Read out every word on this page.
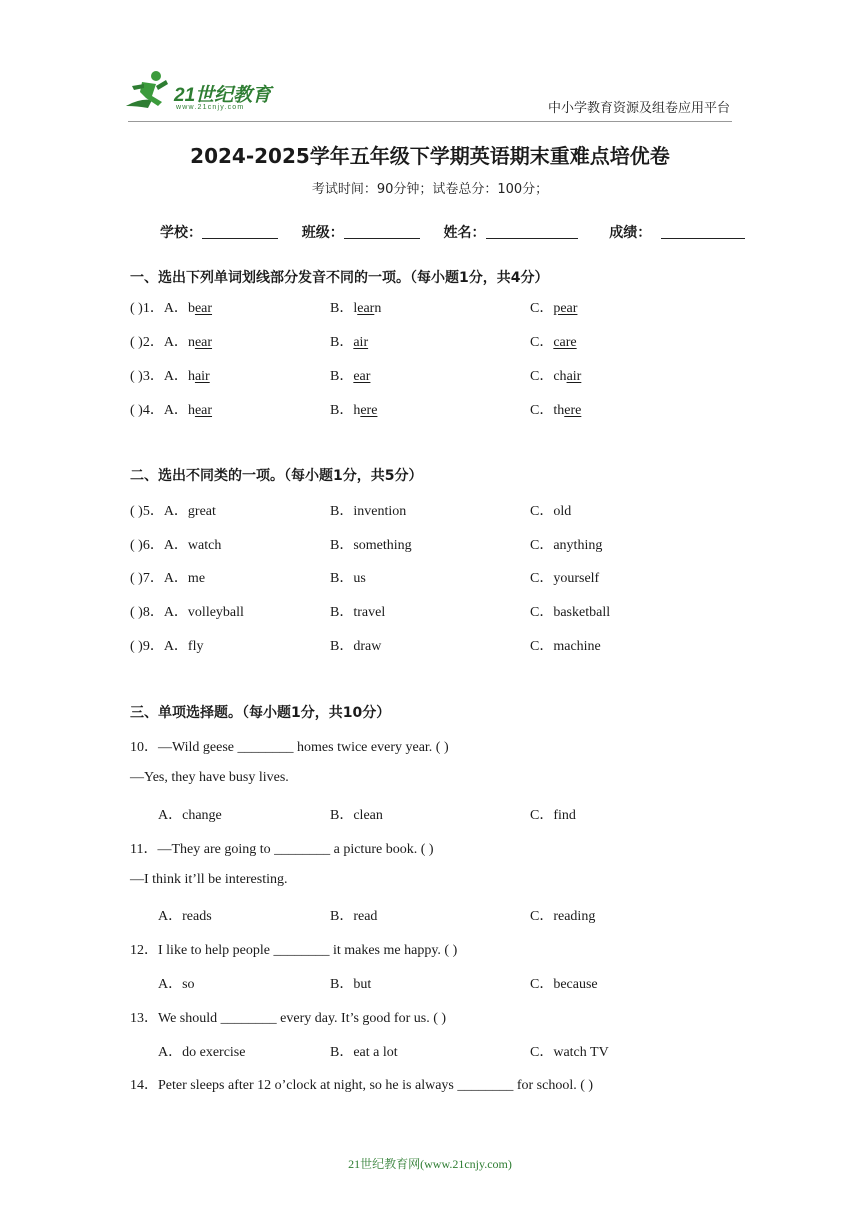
21世纪教育
www.21cnjy.com	中小学教育资源及组卷应用平台
2024-2025学年五年级下学期英语期末重难点培优卷
考试时间：90分钟；试卷总分：100分；
学校：	班级：	姓名：	成绩：
一、选出下列单词划线部分发音不同的一项。（每小题1分，共4分）
( )1．A．bear	B．learn	C．pear
( )2．A．near	B．air	C．care
( )3．A．hair	B．ear	C．chair
( )4．A．hear	B．here	C．there
二、选出不同类的一项。（每小题1分，共5分）
( )5．A．great	B．invention	C．old
( )6．A．watch	B．something	C．anything
( )7．A．me	B．us	C．yourself
( )8．A．volleyball	B．travel	C．basketball
( )9．A．fly	B．draw	C．machine
三、单项选择题。（每小题1分，共10分）
10．—Wild geese ________ homes twice every year. ( )
—Yes, they have busy lives.
A．change	B．clean	C．find
11．—They are going to ________ a picture book. ( )
—I think it’ll be interesting.
A．reads	B．read	C．reading
12．I like to help people ________ it makes me happy. ( )
A．so	B．but	C．because
13．We should ________ every day. It’s good for us. ( )
A．do exercise	B．eat a lot	C．watch TV
14．Peter sleeps after 12 o’clock at night, so he is always ________ for school. ( )
21世纪教育网(www.21cnjy.com)
